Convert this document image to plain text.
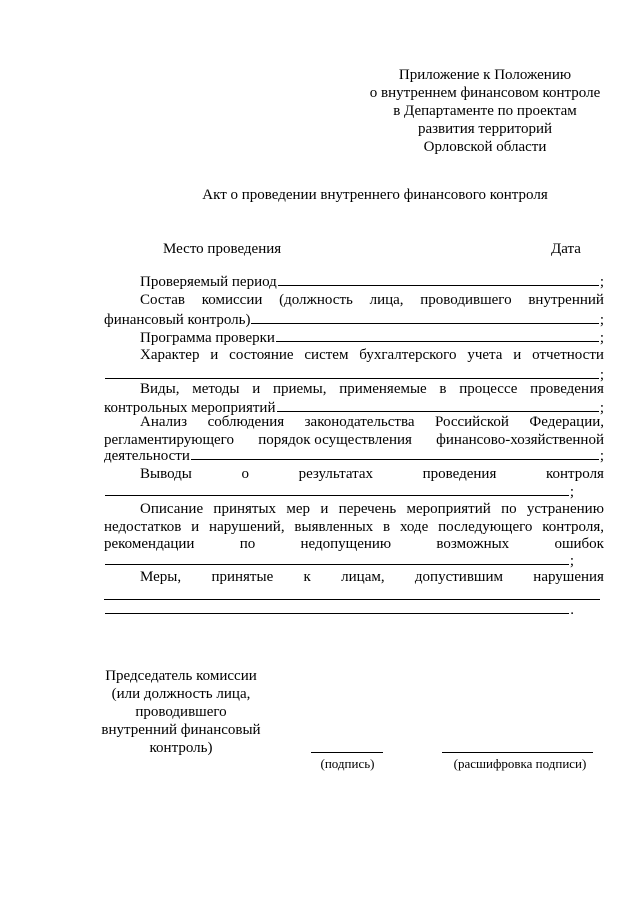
Приложение к Положению
о внутреннем финансовом контроле
в Департаменте по проектам
развития территорий
Орловской области
Акт о проведении внутреннего финансового контроля
Место проведения	Дата
Проверяемый период	;
Состав комиссии (должность лица, проводившего внутренний
финансовый контроль)	;
Программа проверки	;
Характер и состояние систем бухгалтерского учета и отчетности
;
Виды, методы и приемы, применяемые в процессе проведения
контрольных мероприятий	;
Анализ соблюдения законодательства Российской Федерации,
регламентирующего порядок осуществления финансово-хозяйственной
деятельности	;
Выводы	о	результатах	проведения	контроля
;
Описание принятых мер и перечень мероприятий по устранению
недостатков и нарушений, выявленных в ходе последующего контроля,
рекомендации	по	недопущению	возможных	ошибок
;
Меры, принятые к лицам, допустившим нарушения
.
Председатель комиссии
(или должность лица,
проводившего
внутренний финансовый
контроль)
(подпись)	(расшифровка подписи)
